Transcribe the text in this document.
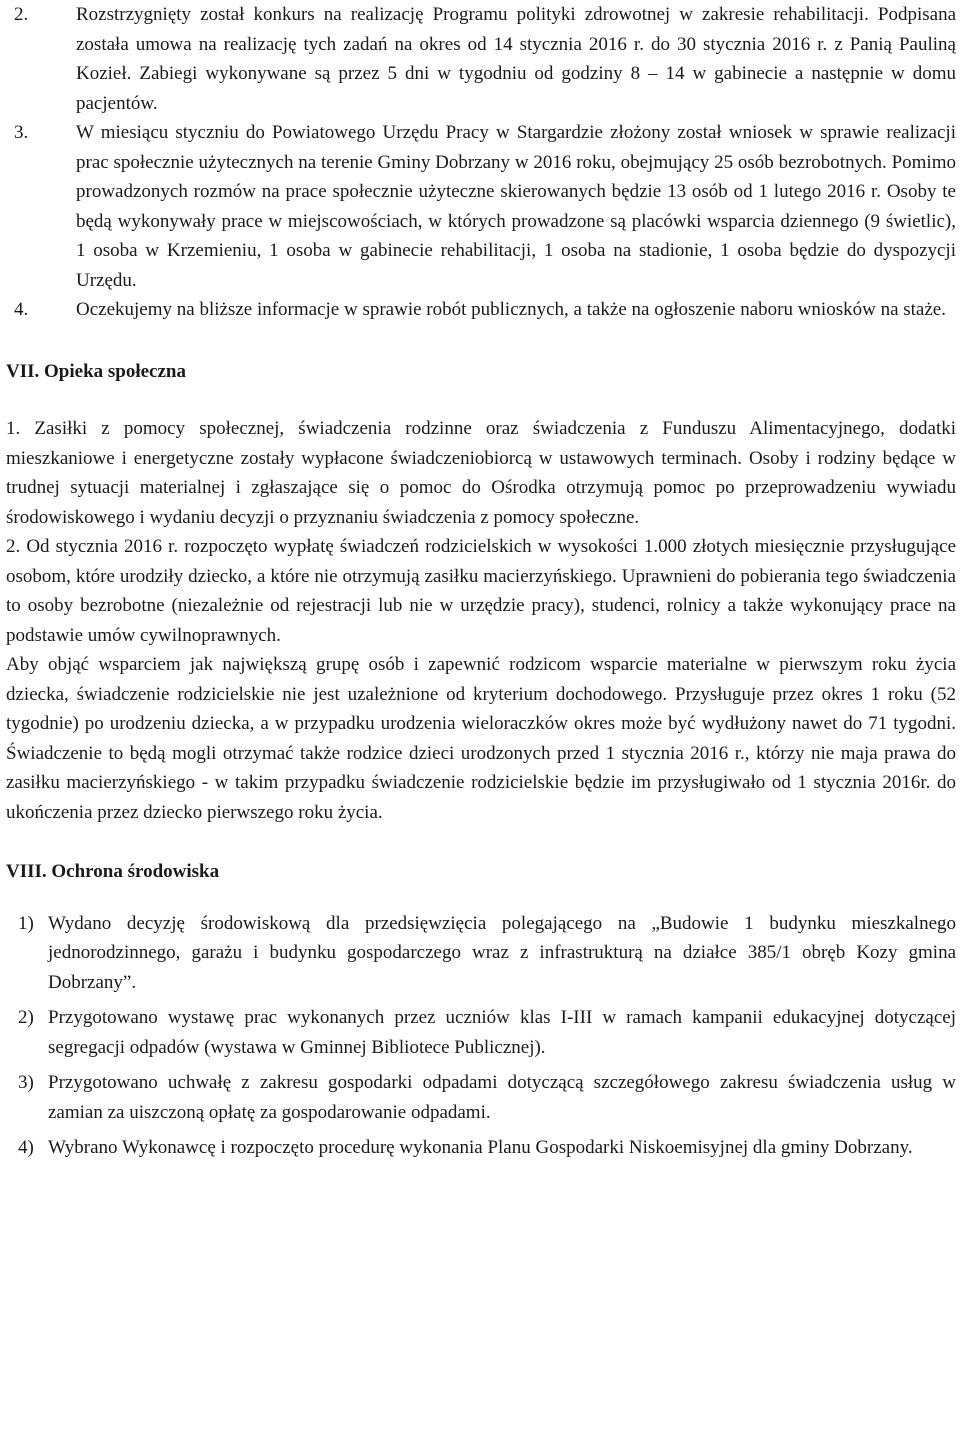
2.	Rozstrzygnięty został konkurs na realizację Programu polityki zdrowotnej w zakresie rehabilitacji. Podpisana została umowa na realizację tych zadań na okres od 14 stycznia 2016 r. do 30 stycznia 2016 r. z Panią Pauliną Kozieł. Zabiegi wykonywane są przez 5 dni w tygodniu od godziny 8 – 14 w gabinecie a następnie w domu pacjentów.

3.	W miesiącu styczniu do Powiatowego Urzędu Pracy w Stargardzie złożony został wniosek w sprawie realizacji prac społecznie użytecznych na terenie Gminy Dobrzany w 2016 roku, obejmujący 25 osób bezrobotnych. Pomimo prowadzonych rozmów na prace społecznie użyteczne skierowanych będzie 13 osób od 1 lutego 2016 r. Osoby te będą wykonywały prace w miejscowościach, w których prowadzone są placówki wsparcia dziennego (9 świetlic), 1 osoba w Krzemieniu, 1 osoba w gabinecie rehabilitacji, 1 osoba na stadionie, 1 osoba będzie do dyspozycji Urzędu.

4.	Oczekujemy na bliższe informacje w sprawie robót publicznych, a także na ogłoszenie naboru wniosków na staże.

VII. Opieka społeczna

1. Zasiłki z pomocy społecznej, świadczenia rodzinne oraz świadczenia z Funduszu Alimentacyjnego, dodatki mieszkaniowe i energetyczne zostały wypłacone świadczeniobiorcą w ustawowych terminach. Osoby i rodziny będące w trudnej sytuacji materialnej i zgłaszające się o pomoc do Ośrodka otrzymują pomoc po przeprowadzeniu wywiadu środowiskowego i wydaniu decyzji o przyznaniu świadczenia z pomocy społeczne.

2. Od stycznia 2016 r. rozpoczęto wypłatę świadczeń rodzicielskich w wysokości 1.000 złotych miesięcznie przysługujące osobom, które urodziły dziecko, a które nie otrzymują zasiłku macierzyńskiego. Uprawnieni do pobierania tego świadczenia to osoby bezrobotne (niezależnie od rejestracji lub nie w urzędzie pracy), studenci, rolnicy a także wykonujący prace na podstawie umów cywilnoprawnych.

Aby objąć wsparciem jak największą grupę osób i zapewnić rodzicom wsparcie materialne w pierwszym roku życia dziecka, świadczenie rodzicielskie nie jest uzależnione od kryterium dochodowego. Przysługuje przez okres 1 roku (52 tygodnie) po urodzeniu dziecka, a w przypadku urodzenia wieloraczków okres może być wydłużony nawet do 71 tygodni. Świadczenie to będą mogli otrzymać także rodzice dzieci urodzonych przed 1 stycznia 2016 r., którzy nie maja prawa do zasiłku macierzyńskiego - w takim przypadku świadczenie rodzicielskie będzie im przysługiwało od 1 stycznia 2016r. do ukończenia przez dziecko pierwszego roku życia.

VIII. Ochrona środowiska

1) Wydano decyzję środowiskową dla przedsięwzięcia polegającego na „Budowie 1 budynku mieszkalnego jednorodzinnego, garażu i budynku gospodarczego wraz z infrastrukturą na działce 385/1 obręb Kozy gmina Dobrzany”.

2) Przygotowano wystawę prac wykonanych przez uczniów klas I-III w ramach kampanii edukacyjnej dotyczącej segregacji odpadów (wystawa w Gminnej Bibliotece Publicznej).

3) Przygotowano uchwałę z zakresu gospodarki odpadami dotyczącą szczegółowego zakresu świadczenia usług w zamian za uiszczoną opłatę za gospodarowanie odpadami.

4) Wybrano Wykonawcę i rozpoczęto procedurę wykonania Planu Gospodarki Niskoemisyjnej dla gminy Dobrzany.
